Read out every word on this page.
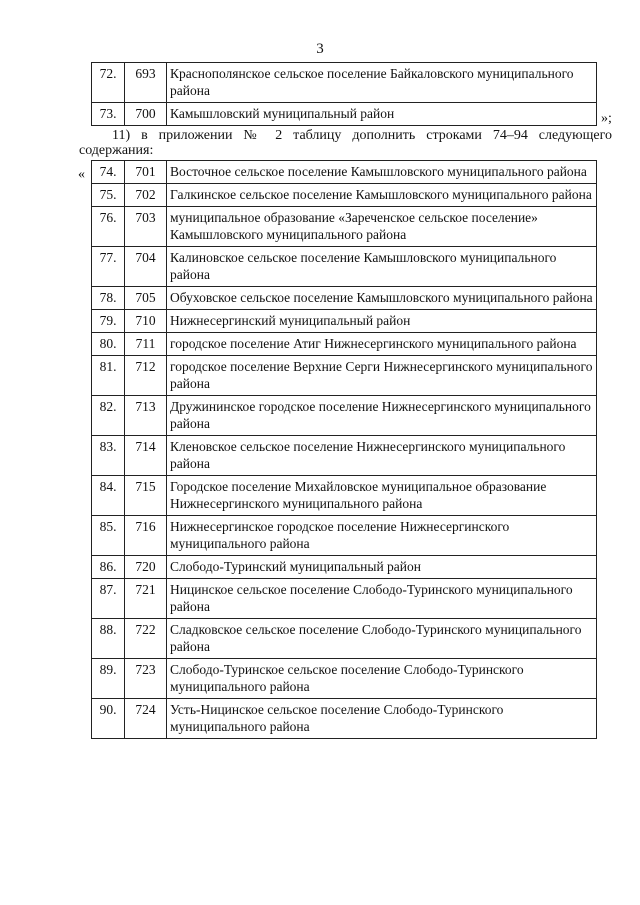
3
72.	693	Краснополянское сельское поселение Байкаловского муниципального района
73.	700	Камышловский муниципальный район	»;
11) в приложении № 2 таблицу дополнить строками 74–94 следующего содержания:
« 74.	701	Восточное сельское поселение Камышловского муниципального района
75.	702	Галкинское сельское поселение Камышловского муниципального района
76.	703	муниципальное образование «Зареченское сельское поселение» Камышловского муниципального района
77.	704	Калиновское сельское поселение Камышловского муниципального района
78.	705	Обуховское сельское поселение Камышловского муниципального района
79.	710	Нижнесергинский муниципальный район
80.	711	городское поселение Атиг Нижнесергинского муниципального района
81.	712	городское поселение Верхние Серги Нижнесергинского муниципального района
82.	713	Дружининское городское поселение Нижнесергинского муниципального района
83.	714	Кленовское сельское поселение Нижнесергинского муниципального района
84.	715	Городское поселение Михайловское муниципальное образование Нижнесергинского муниципального района
85.	716	Нижнесергинское городское поселение Нижнесергинского муниципального района
86.	720	Слободо-Туринский муниципальный район
87.	721	Ницинское сельское поселение Слободо-Туринского муниципального района
88.	722	Сладковское сельское поселение Слободо-Туринского муниципального района
89.	723	Слободо-Туринское сельское поселение Слободо-Туринского муниципального района
90.	724	Усть-Ницинское сельское поселение Слободо-Туринского муниципального района
